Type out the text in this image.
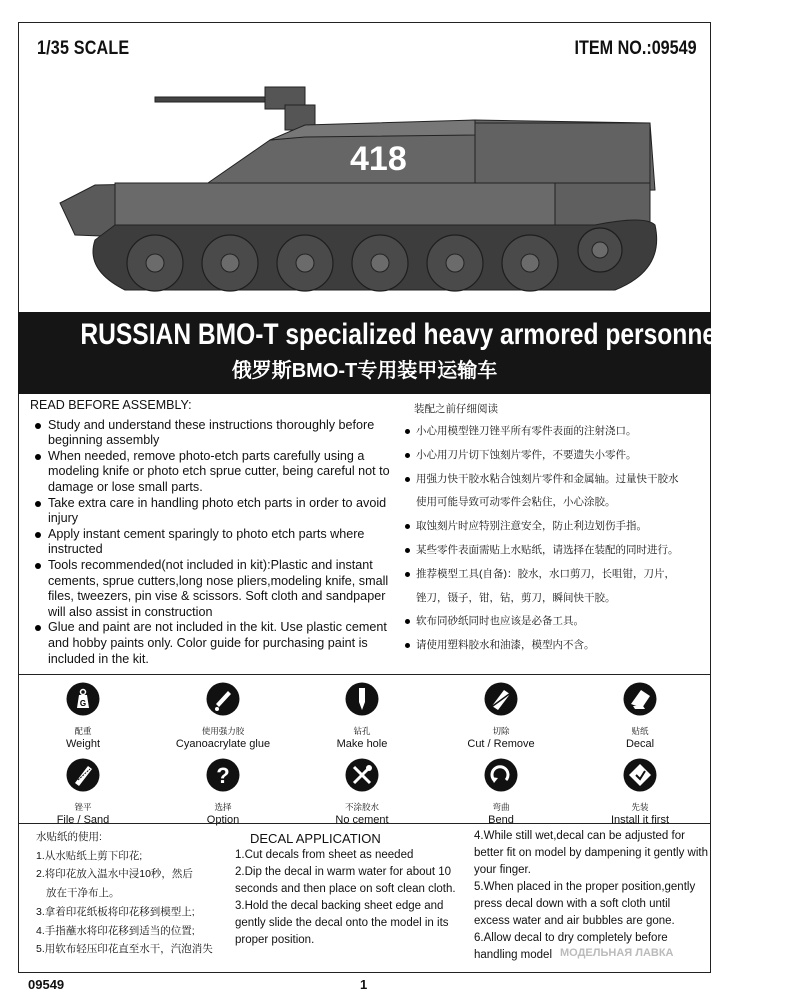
1/35 SCALE	ITEM NO.:09549
418
RUSSIAN BMO-T specialized heavy armored personnel carrier
俄罗斯BMO-T专用装甲运输车
READ BEFORE ASSEMBLY:
Study and understand these instructions thoroughly before beginning assembly
When needed, remove photo-etch parts carefully using a modeling knife or photo etch sprue cutter, being careful not to damage or lose small parts.
Take extra care in handling photo etch parts in order to avoid injury
Apply instant cement sparingly to photo etch parts where instructed
Tools recommended(not included in kit):Plastic and instant cements, sprue cutters,long nose pliers,modeling knife, small files, tweezers, pin vise & scissors. Soft cloth and sandpaper will also assist in construction
Glue and paint are not included in the kit. Use plastic cement and hobby paints only. Color guide for purchasing paint is included in the kit.
装配之前仔细阅读
小心用模型锉刀锉平所有零件表面的注射浇口。
小心用刀片切下蚀刻片零件，不要遗失小零件。
用强力快干胶水粘合蚀刻片零件和金属轴。过量快干胶水
使用可能导致可动零件会粘住，小心涂胶。
取蚀刻片时应特别注意安全，防止利边划伤手指。
某些零件表面需贴上水贴纸，请选择在装配的同时进行。
推荐模型工具(自备)：胶水，水口剪刀，长咀钳，刀片，
锉刀，镊子，钳，钻，剪刀，瞬间快干胶。
软布同砂纸同时也应该是必备工具。
请使用塑料胶水和油漆，模型内不含。
G
配重
Weight
使用强力胶
Cyanoacrylate glue
钻孔
Make hole
切除
Cut / Remove
贴纸
Decal
锉平
File / Sand
?
选择
Option
不涂胶水
No cement
弯曲
Bend
先装
Install it first
水贴纸的使用:
1.从水贴纸上剪下印花;
2.将印花放入温水中浸10秒，然后
放在干净布上。
3.拿着印花纸板将印花移到模型上;
4.手指蘸水将印花移到适当的位置;
5.用软布轻压印花直至水干，汽泡消失
DECAL APPLICATION
1.Cut decals from sheet as needed
2.Dip the decal in warm water for about 10 seconds and then place on soft clean cloth.
3.Hold the decal backing sheet edge and gently slide the decal onto the model in its proper position.
4.While still wet,decal can be adjusted for better fit on model by dampening it gently with your finger.
5.When placed in the proper position,gently press decal down with a soft cloth until excess water and air bubbles are gone.
6.Allow decal to dry completely before handling model МОДЕЛЬНАЯ ЛАВКА
09549	1
